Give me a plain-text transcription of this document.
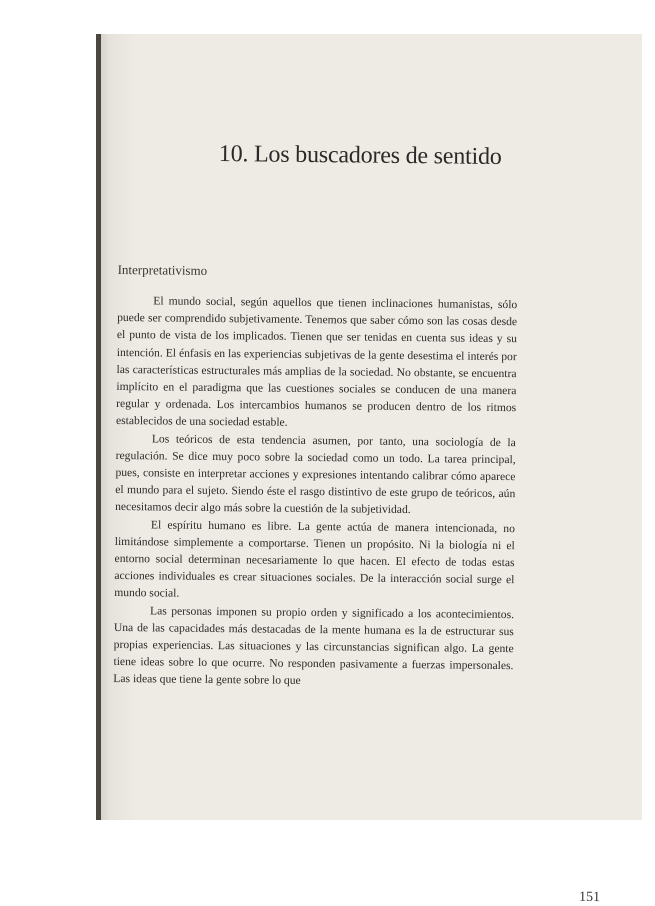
10. Los buscadores de sentido
Interpretativismo

El mundo social, según aquellos que tienen inclinaciones humanistas, sólo puede ser comprendido subjetivamente. Tenemos que saber cómo son las cosas desde el punto de vista de los implicados. Tienen que ser tenidas en cuenta sus ideas y su intención. El énfasis en las experiencias subjetivas de la gente desestima el interés por las características estructurales más amplias de la sociedad. No obstante, se encuentra implícito en el paradigma que las cuestiones sociales se conducen de una manera regular y ordenada. Los intercambios humanos se producen dentro de los ritmos establecidos de una sociedad estable.

Los teóricos de esta tendencia asumen, por tanto, una sociología de la regulación. Se dice muy poco sobre la sociedad como un todo. La tarea principal, pues, consiste en interpretar acciones y expresiones intentando calibrar cómo aparece el mundo para el sujeto. Siendo éste el rasgo distintivo de este grupo de teóricos, aún necesitamos decir algo más sobre la cuestión de la subjetividad.

El espíritu humano es libre. La gente actúa de manera intencionada, no limitándose simplemente a comportarse. Tienen un propósito. Ni la biología ni el entorno social determinan necesariamente lo que hacen. El efecto de todas estas acciones individuales es crear situaciones sociales. De la interacción social surge el mundo social.

Las personas imponen su propio orden y significado a los acontecimientos. Una de las capacidades más destacadas de la mente humana es la de estructurar sus propias experiencias. Las situaciones y las circunstancias significan algo. La gente tiene ideas sobre lo que ocurre. No responden pasivamente a fuerzas impersonales. Las ideas que tiene la gente sobre lo que

151
